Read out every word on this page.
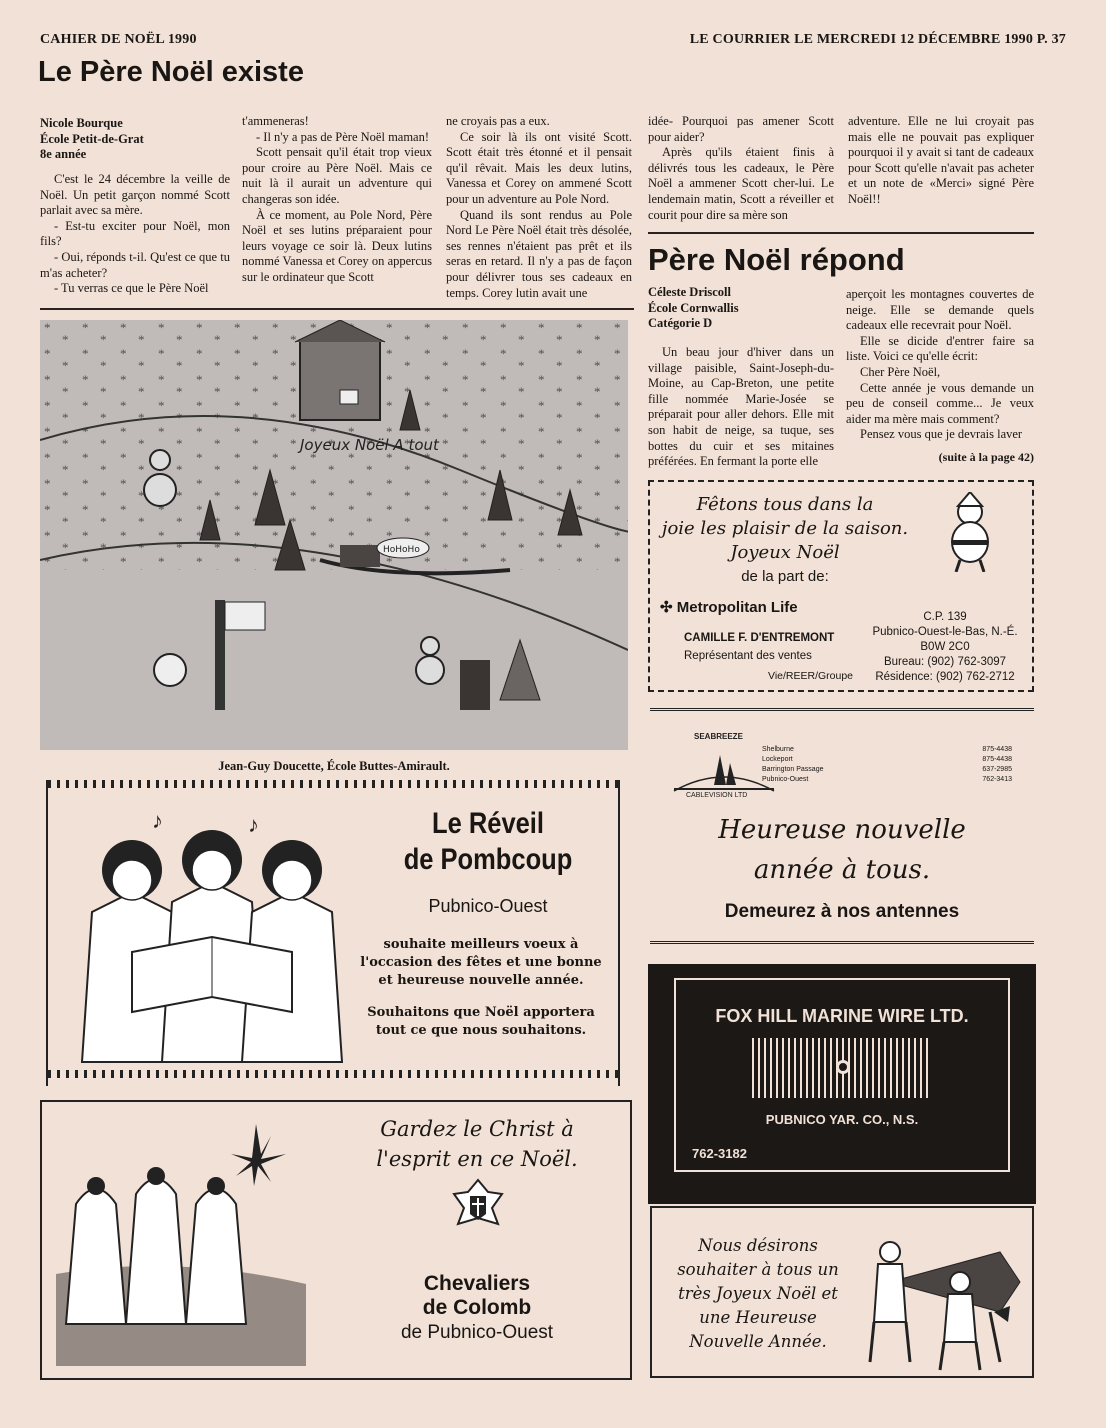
CAHIER DE NOËL 1990	LE COURRIER LE MERCREDI 12 DÉCEMBRE 1990 P. 37
Le Père Noël existe
Nicole Bourque
École Petit-de-Grat
8e année

C'est le 24 décembre la veille de Noël. Un petit garçon nommé Scott parlait avec sa mère.

- Est-tu exciter pour Noël, mon fils?

- Oui, réponds t-il. Qu'est ce que tu m'as acheter?

- Tu verras ce que le Père Noël

t'ammeneras!

- Il n'y a pas de Père Noël maman!

Scott pensait qu'il était trop vieux pour croire au Père Noël. Mais ce nuit là il aurait un adventure qui changeras son idée.

À ce moment, au Pole Nord, Père Noël et ses lutins préparaient pour leurs voyage ce soir là. Deux lutins nommé Vanessa et Corey on appercus sur le ordinateur que Scott

ne croyais pas a eux.

Ce soir là ils ont visité Scott. Scott était très étonné et il pensait qu'il rêvait. Mais les deux lutins, Vanessa et Corey on ammené Scott pour un adventure au Pole Nord.

Quand ils sont rendus au Pole Nord Le Père Noël était très désolée, ses rennes n'étaient pas prêt et ils seras en retard. Il n'y a pas de façon pour délivrer tous ses cadeaux en temps. Corey lutin avait une

idée- Pourquoi pas amener Scott pour aider?

Après qu'ils étaient finis à délivrés tous les cadeaux, le Père Noël a ammener Scott cher-lui. Le lendemain matin, Scott a réveiller et courit pour dire sa mère son

adventure. Elle ne lui croyait pas mais elle ne pouvait pas expliquer pourquoi il y avait si tant de cadeaux pour Scott qu'elle n'avait pas acheter et un note de «Merci» signé Père Noël!!

HoHoHo
Joyeux Noël A tout
Jean-Guy Doucette, École Buttes-Amirault.
Père Noël répond
Céleste Driscoll
École Cornwallis
Catégorie D

Un beau jour d'hiver dans un village paisible, Saint-Joseph-du-Moine, au Cap-Breton, une petite fille nommée Marie-Josée se préparait pour aller dehors. Elle mit son habit de neige, sa tuque, ses bottes du cuir et ses mitaines préférées. En fermant la porte elle

aperçoit les montagnes couvertes de neige. Elle se demande quels cadeaux elle recevrait pour Noël.

Elle se dicide d'entrer faire sa liste. Voici ce qu'elle écrit:

Cher Père Noël,

Cette année je vous demande un peu de conseil comme... Je veux aider ma mère mais comment?

Pensez vous que je devrais laver

(suite à la page 42)
Fêtons tous dans la
joie les plaisir de la saison.
Joyeux Noël
de la part de:
✣ Metropolitan Life
CAMILLE F. D'ENTREMONT
Représentant des ventes
Vie/REER/Groupe
C.P. 139
Pubnico-Ouest-le-Bas, N.-É.
B0W 2C0
Bureau: (902) 762-3097
Résidence: (902) 762-2712
SEABREEZE
CABLEVISION LTD
Shelburne	875-4438
Lockeport	875-4438
Barrington Passage	637-2985
Pubnico-Ouest	762-3413
Heureuse nouvelle
année à tous.
Demeurez à nos antennes
♪	♪	Le Réveil
de Pombcoup
Pubnico-Ouest
souhaite meilleurs voeux à
l'occasion des fêtes et une bonne
et heureuse nouvelle année.
Souhaitons que Noël apportera
tout ce que nous souhaitons.
FOX HILL MARINE WIRE LTD.
PUBNICO YAR. CO., N.S.
762-3182
Gardez le Christ à
l'esprit en ce Noël.
Chevaliers
de Colomb
de Pubnico-Ouest
Nous désirons
souhaiter à tous un
très Joyeux Noël et
une Heureuse
Nouvelle Année.
